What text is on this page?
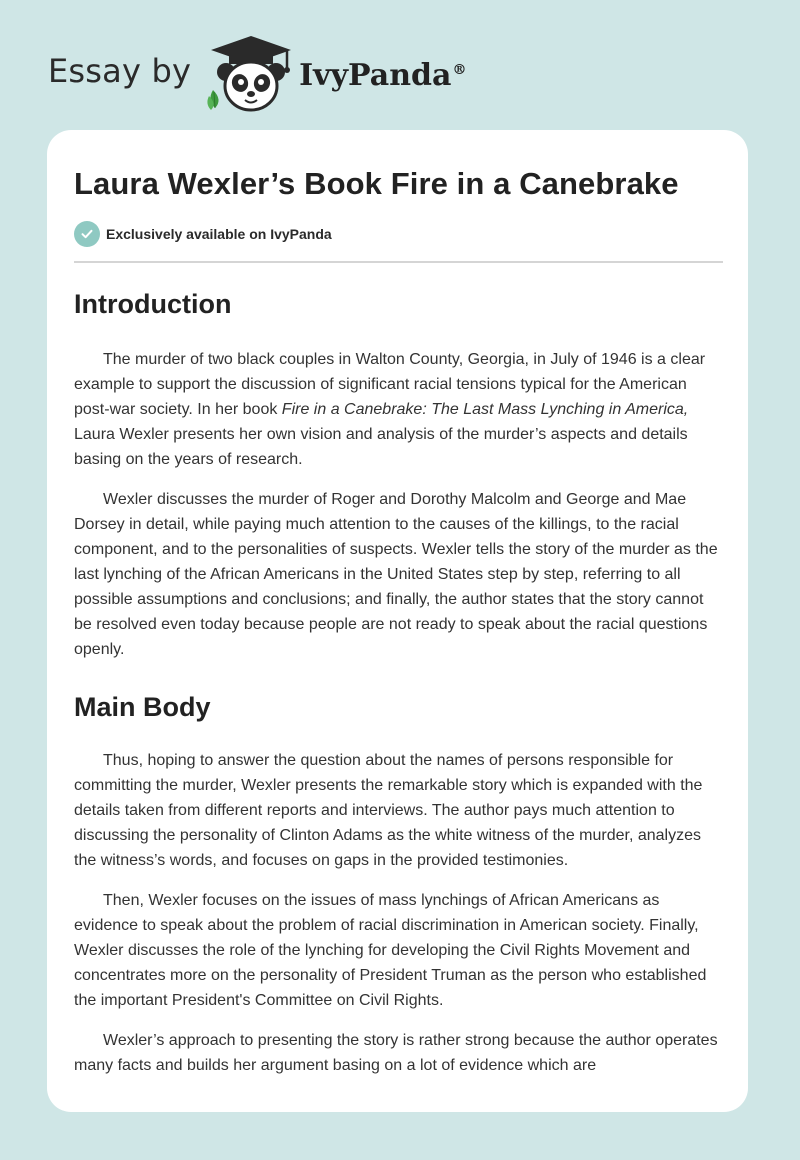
Essay by	IvyPanda®
Laura Wexler’s Book Fire in a Canebrake
Exclusively available on IvyPanda
Introduction

The murder of two black couples in Walton County, Georgia, in July of 1946 is a clear example to support the discussion of significant racial tensions typical for the American post-war society. In her book Fire in a Canebrake: The Last Mass Lynching in America, Laura Wexler presents her own vision and analysis of the murder’s aspects and details basing on the years of research.

Wexler discusses the murder of Roger and Dorothy Malcolm and George and Mae Dorsey in detail, while paying much attention to the causes of the killings, to the racial component, and to the personalities of suspects. Wexler tells the story of the murder as the last lynching of the African Americans in the United States step by step, referring to all possible assumptions and conclusions; and finally, the author states that the story cannot be resolved even today because people are not ready to speak about the racial questions openly.

Main Body

Thus, hoping to answer the question about the names of persons responsible for committing the murder, Wexler presents the remarkable story which is expanded with the details taken from different reports and interviews. The author pays much attention to discussing the personality of Clinton Adams as the white witness of the murder, analyzes the witness’s words, and focuses on gaps in the provided testimonies.

Then, Wexler focuses on the issues of mass lynchings of African Americans as evidence to speak about the problem of racial discrimination in American society. Finally, Wexler discusses the role of the lynching for developing the Civil Rights Movement and concentrates more on the personality of President Truman as the person who established the important President's Committee on Civil Rights.

Wexler’s approach to presenting the story is rather strong because the author operates many facts and builds her argument basing on a lot of evidence which are
